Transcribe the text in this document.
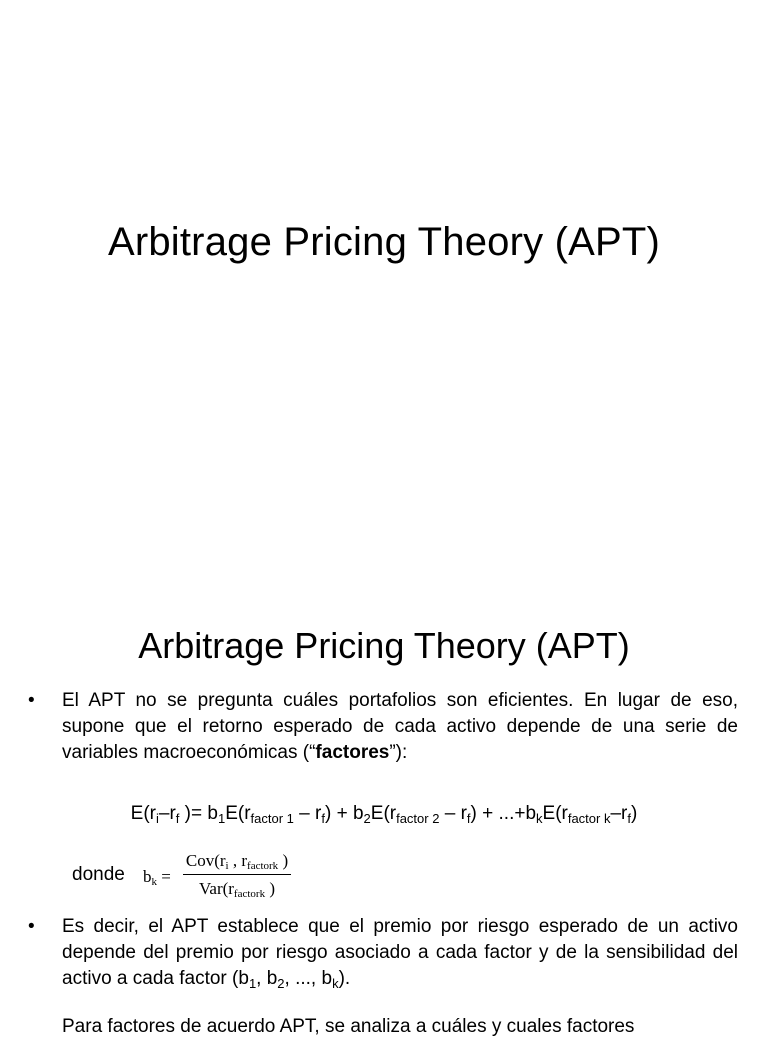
Arbitrage Pricing Theory (APT)
Arbitrage Pricing Theory (APT)
•	El APT no se pregunta cuáles portafolios son eficientes. En lugar de eso, supone que el retorno esperado de cada activo depende de una serie de variables macroeconómicas (“factores”):
$E(r_i-r_f$ )= $b_1E(r_{factor 1} - r_f) + b_2E(r_{factor 2} - r_f) + ...+b_kE(r_{factor k}-r_f)$
donde $b_k$ =
$Cov(r_i$ , $r_{factork}$ )
$Var(r_{factork}$ )
•	Es decir, el APT establece que el premio por riesgo esperado de un activo depende del premio por riesgo asociado a cada factor y de la sensibilidad del activo a cada factor ($b_1$, $b_2$, ..., $b_k$).
Para factores de acuerdo APT, se analiza a cuáles y cuales factores
